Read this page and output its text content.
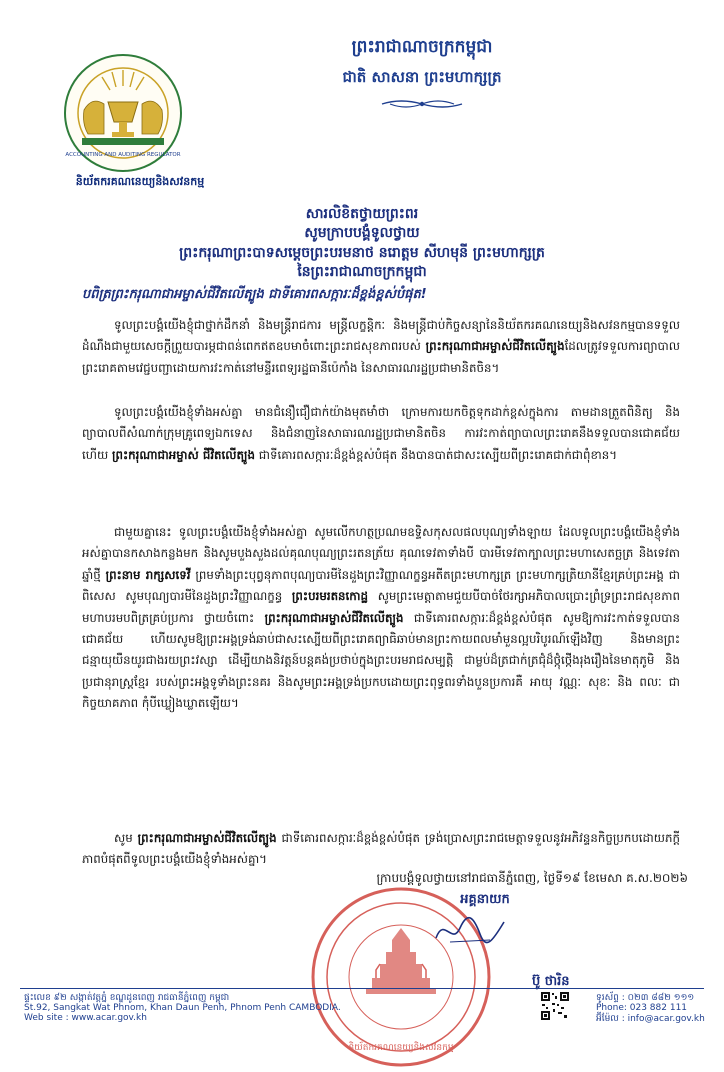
ព្រះរាជាណាចក្រកម្ពុជា
ជាតិ សាសនា ព្រះមហាក្សត្រ
ACCOUNTING AND AUDITING REGULATOR
និយ័តករគណនេយ្យនិងសវនកម្ម
សារលិខិតថ្វាយព្រះពរ
សូមក្រាបបង្គំទូលថ្វាយ
ព្រះករុណាព្រះបាទសម្ដេចព្រះបរមនាថ នរោត្តម សីហមុនី ព្រះមហាក្សត្រ
នៃព្រះរាជាណាចក្រកម្ពុជា
បពិត្រព្រះករុណាជាអម្ចាស់ជីវិតលើត្បូង ជាទីគោរពសក្ការៈដ៏ខ្ពង់ខ្ពស់បំផុត!
ទូលព្រះបង្គំយើងខ្ញុំជាថ្នាក់ដឹកនាំ និងមន្ត្រីរាជការ មន្ត្រីលក្ខន្តិកៈ និងមន្ត្រីជាប់កិច្ចសន្យានៃនិយ័តករគណនេយ្យនិងសវនកម្មបានទទួលដំណឹងជាមួយសេចក្ដីព្រួយបារម្ភជាពន់ពេកឥតឧបមាចំពោះព្រះរាជសុខភាពរបស់ ព្រះករុណាជាអម្ចាស់ជីវិតលើត្បូងដែលត្រូវទទួលការព្យាបាលព្រះរោគតាមវេជ្ជបញ្ជាដោយការវះកាត់នៅមន្ទីរពេទ្យរដ្ឋធានីប៉េកាំង នៃសាធារណរដ្ឋប្រជាមានិតចិន។
ទូលព្រះបង្គំយើងខ្ញុំទាំងអស់គ្នា មានជំនឿជឿជាក់យ៉ាងមុតមាំថា ក្រោមការយកចិត្តទុកដាក់ខ្ពស់ក្នុងការ តាមដានត្រួតពិនិត្យ និងព្យាបាលពីសំណាក់ក្រុមគ្រូពេទ្យឯកទេស និងជំនាញនៃសាធារណរដ្ឋប្រជាមានិតចិន ការវះកាត់ព្យាបាលព្រះរោគនឹងទទួលបានជោគជ័យ ហើយ ព្រះករុណាជាអម្ចាស់ ជីវិតលើត្បូង ជាទីគោរពសក្ការៈដ៏ខ្ពង់ខ្ពស់បំផុត នឹងបានបាត់ជាសះស្បើយពីព្រះរោគជាក់ជាពុំខាន។
ជាមួយគ្នានេះ ទូលព្រះបង្គំយើងខ្ញុំទាំងអស់គ្នា សូមលើកហត្ថប្រណមឧទ្ទិសកុសលផលបុណ្យទាំងឡាយ ដែលទូលព្រះបង្គំយើងខ្ញុំទាំងអស់គ្នាបានកសាងកន្លងមក និងសូមបួងសួងដល់គុណបុណ្យព្រះរតនត្រ័យ គុណទេវតាទាំងបី បារមីទេវតាក្បាលព្រះមហាសេតច្ឆត្រ និងទេវតាឆ្នាំថ្មី ព្រះនាម រាក្សសទេវី ព្រមទាំងព្រះបុព្វនុភាពបុណ្យបារមីនៃដួងព្រះវិញ្ញាណក្ខន្ធអតីតព្រះមហាក្សត្រ ព្រះមហាក្សត្រិយានីខ្មែរគ្រប់ព្រះអង្គ ជាពិសេស សូមបុណ្យបារមីនៃដួងព្រះវិញ្ញាណក្ខន្ធ ព្រះបរមរតនកោដ្ឋ សូមព្រះមេត្តាតាមជួយបីបាច់ថែរក្សាអភិបាលប្រោះព្រំទ្រព្រះរាជសុខភាពមហាបរមបពិត្រគ្រប់ប្រការ ថ្វាយចំពោះ ព្រះករុណាជាអម្ចាស់ជីវិតលើត្បូង ជាទីគោរពសក្ការៈដ៏ខ្ពង់ខ្ពស់បំផុត សូមឱ្យការវះកាត់ទទួលបានជោគជ័យ ហើយសូមឱ្យព្រះអង្គទ្រង់ឆាប់ជាសះស្បើយពីព្រះរោគព្យាធិឆាប់មានព្រះកាយពលមាំមួនល្អបរិបូរណ៍ឡើងវិញ និងមានព្រះជន្មាយុយឺនយូរជាងរយព្រះវស្សា ដើម្បីយាងនិវត្តន៍បន្តគង់ប្រថាប់ក្នុងព្រះបរមរាជសម្បត្តិ ជាម្លប់ដ៏ត្រជាក់ត្រជុំដ៏ថ្កុំថ្កើងរុងរឿងនៃមាតុភូមិ និងប្រជានុរាស្ត្រខ្មែរ របស់ព្រះអង្គទូទាំងព្រះនគរ និងសូមព្រះអង្គទ្រង់ប្រកបដោយព្រះពុទ្ធពរទាំងបួនប្រការគឺ អាយុ វណ្ណៈ សុខៈ និង ពលៈ ជាកិច្ចយាគភាព កុំបីឃ្លៀងឃ្លាតឡើយ។
សូម ព្រះករុណាជាអម្ចាស់ជីវិតលើត្បូង ជាទីគោរពសក្ការៈដ៏ខ្ពង់ខ្ពស់បំផុត ទ្រង់ប្រោសព្រះរាជមេត្តាទទួលនូវអភិវន្ទនកិច្ចប្រកបដោយភក្តីភាពបំផុតពីទូលព្រះបង្គំយើងខ្ញុំទាំងអស់គ្នា។
ក្រាបបង្គំទូលថ្វាយនៅរាជធានីភ្នំពេញ, ថ្ងៃទី១៩ ខែមេសា គ.ស.២០២៦
និយ័តករគណនេយ្យនិងសវនកម្ម
អគ្គនាយក
ប៊ូ ថារិន
ផ្ទះលេខ ៩២ សង្កាត់វត្តភ្នំ ខណ្ឌដូនពេញ រាជធានីភ្នំពេញ កម្ពុជា
St.92, Sangkat Wat Phnom, Khan Daun Penh, Phnom Penh CAMBODIA.
Web site : www.acar.gov.kh
ទូរស័ព្ទ : ០២៣ ៨៨២ ១១១
Phone: 023 882 111
អ៊ីម៉ែល : info@acar.gov.kh
